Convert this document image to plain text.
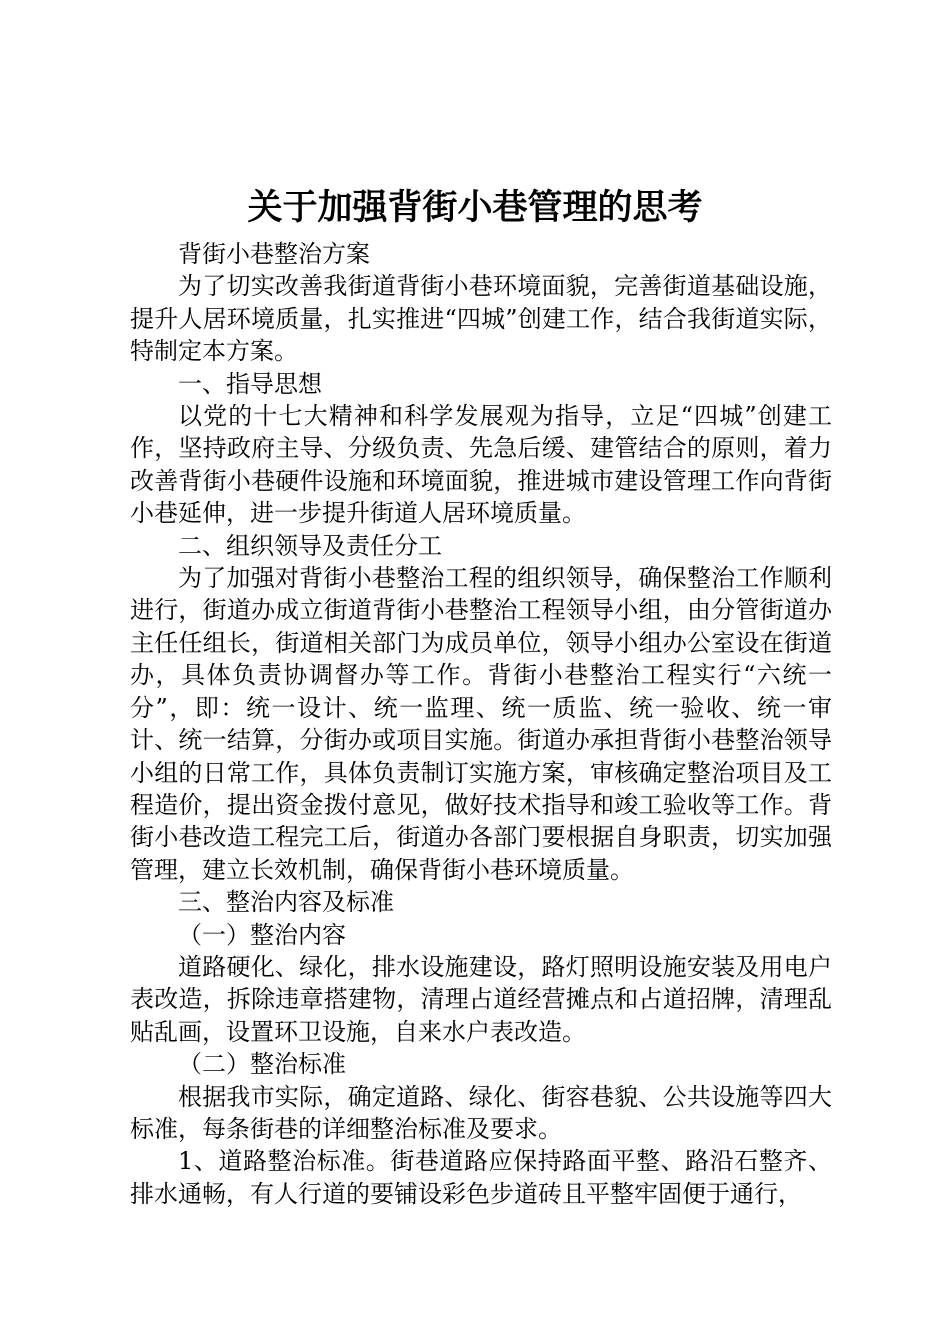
关于加强背街小巷管理的思考

背街小巷整治方案

为了切实改善我街道背街小巷环境面貌，完善街道基础设施，提升人居环境质量，扎实推进“四城”创建工作，结合我街道实际，特制定本方案。

一、指导思想

以党的十七大精神和科学发展观为指导，立足“四城”创建工作，坚持政府主导、分级负责、先急后缓、建管结合的原则，着力改善背街小巷硬件设施和环境面貌，推进城市建设管理工作向背街小巷延伸，进一步提升街道人居环境质量。

二、组织领导及责任分工

为了加强对背街小巷整治工程的组织领导，确保整治工作顺利进行，街道办成立街道背街小巷整治工程领导小组，由分管街道办主任任组长，街道相关部门为成员单位，领导小组办公室设在街道办，具体负责协调督办等工作。背街小巷整治工程实行“六统一分”，即：统一设计、统一监理、统一质监、统一验收、统一审计、统一结算，分街办或项目实施。街道办承担背街小巷整治领导小组的日常工作，具体负责制订实施方案，审核确定整治项目及工程造价，提出资金拨付意见，做好技术指导和竣工验收等工作。背街小巷改造工程完工后，街道办各部门要根据自身职责，切实加强管理，建立长效机制，确保背街小巷环境质量。

三、整治内容及标准

（一）整治内容

道路硬化、绿化，排水设施建设，路灯照明设施安装及用电户表改造，拆除违章搭建物，清理占道经营摊点和占道招牌，清理乱贴乱画，设置环卫设施，自来水户表改造。

（二）整治标准

根据我市实际，确定道路、绿化、街容巷貌、公共设施等四大标准，每条街巷的详细整治标准及要求。

1、道路整治标准。街巷道路应保持路面平整、路沿石整齐、排水通畅，有人行道的要铺设彩色步道砖且平整牢固便于通行，
